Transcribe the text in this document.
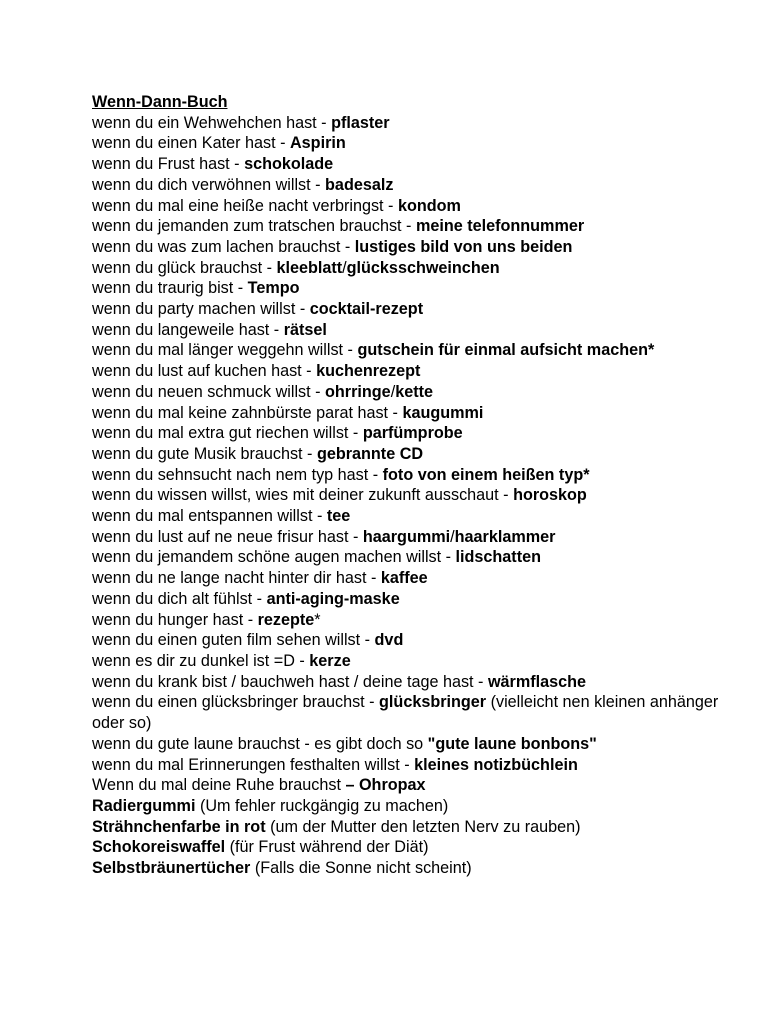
Wenn-Dann-Buch
wenn du ein Wehwehchen hast - pflaster
wenn du einen Kater hast - Aspirin
wenn du Frust hast - schokolade
wenn du dich verwöhnen willst - badesalz
wenn du mal eine heiße nacht verbringst - kondom
wenn du jemanden zum tratschen brauchst - meine telefonnummer
wenn du was zum lachen brauchst - lustiges bild von uns beiden
wenn du glück brauchst - kleeblatt/glücksschweinchen
wenn du traurig bist - Tempo
wenn du party machen willst - cocktail-rezept
wenn du langeweile hast - rätsel
wenn du mal länger weggehn willst - gutschein für einmal aufsicht machen*
wenn du lust auf kuchen hast - kuchenrezept
wenn du neuen schmuck willst - ohrringe/kette
wenn du mal keine zahnbürste parat hast - kaugummi
wenn du mal extra gut riechen willst - parfümprobe
wenn du gute Musik brauchst - gebrannte CD
wenn du sehnsucht nach nem typ hast - foto von einem heißen typ*
wenn du wissen willst, wies mit deiner zukunft ausschaut - horoskop
wenn du mal entspannen willst - tee
wenn du lust auf ne neue frisur hast - haargummi/haarklammer
wenn du jemandem schöne augen machen willst - lidschatten
wenn du ne lange nacht hinter dir hast - kaffee
wenn du dich alt fühlst - anti-aging-maske
wenn du hunger hast - rezepte*
wenn du einen guten film sehen willst - dvd
wenn es dir zu dunkel ist =D - kerze
wenn du krank bist / bauchweh hast / deine tage hast - wärmflasche
wenn du einen glücksbringer brauchst - glücksbringer (vielleicht nen kleinen anhänger oder so)
wenn du gute laune brauchst - es gibt doch so "gute laune bonbons"
wenn du mal Erinnerungen festhalten willst - kleines notizbüchlein
Wenn du mal deine Ruhe brauchst – Ohropax
Radiergummi (Um fehler ruckgängig zu machen)
Strähnchenfarbe in rot (um der Mutter den letzten Nerv zu rauben)
Schokoreiswaffel (für Frust während der Diät)
Selbstbräunertücher (Falls die Sonne nicht scheint)
